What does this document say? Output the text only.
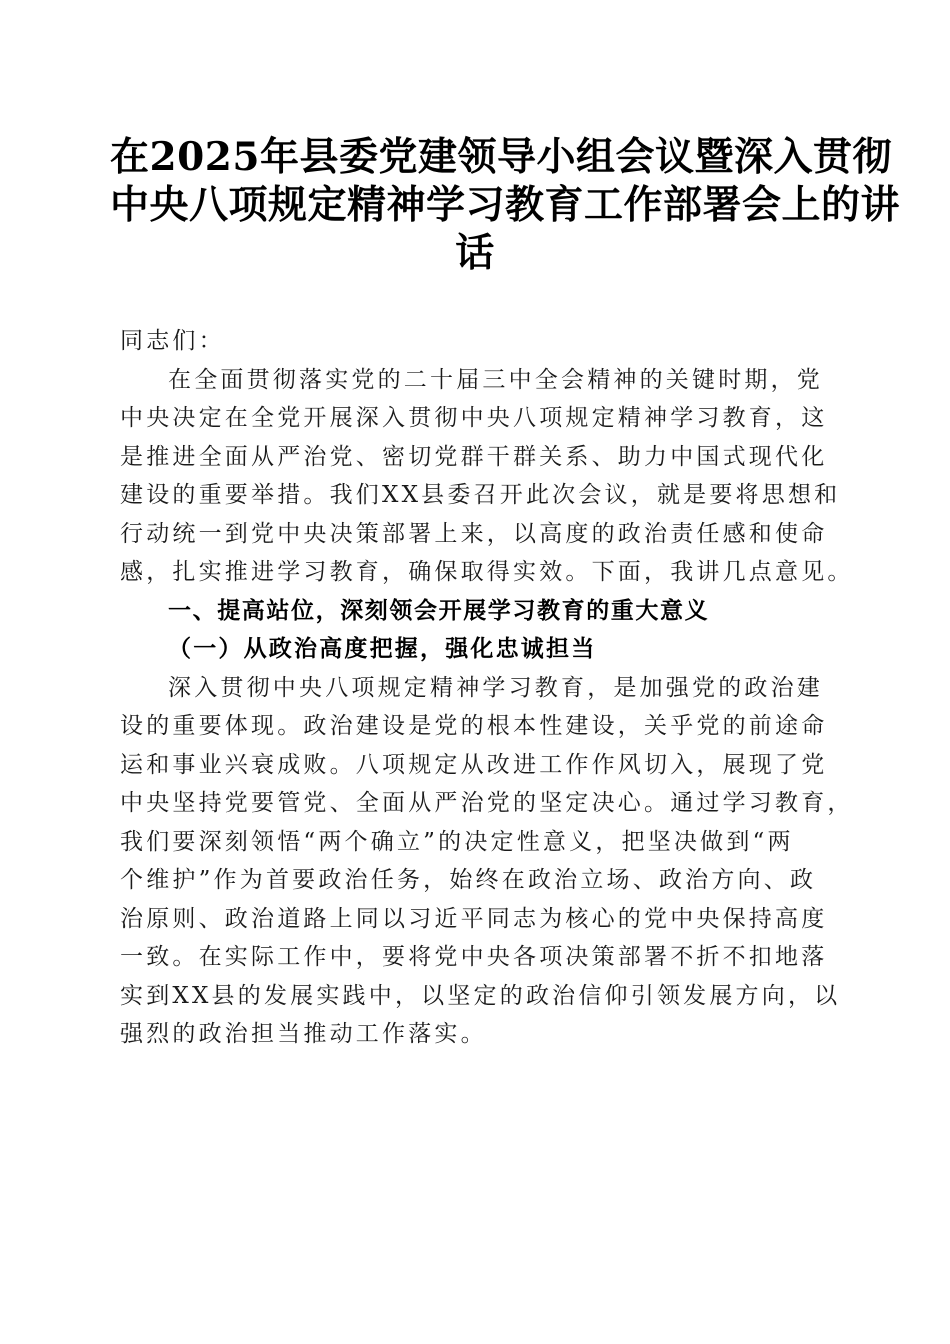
在2025年县委党建领导小组会议暨深入贯彻
中央八项规定精神学习教育工作部署会上的讲
话
同志们：
在全面贯彻落实党的二十届三中全会精神的关键时期，党
中央决定在全党开展深入贯彻中央八项规定精神学习教育，这
是推进全面从严治党、密切党群干群关系、助力中国式现代化
建设的重要举措。我们XX县委召开此次会议，就是要将思想和
行动统一到党中央决策部署上来，以高度的政治责任感和使命
感，扎实推进学习教育，确保取得实效。下面，我讲几点意见。
一、提高站位，深刻领会开展学习教育的重大意义
（一）从政治高度把握，强化忠诚担当
深入贯彻中央八项规定精神学习教育，是加强党的政治建
设的重要体现。政治建设是党的根本性建设，关乎党的前途命
运和事业兴衰成败。八项规定从改进工作作风切入，展现了党
中央坚持党要管党、全面从严治党的坚定决心。通过学习教育，
我们要深刻领悟“两个确立”的决定性意义，把坚决做到“两
个维护”作为首要政治任务，始终在政治立场、政治方向、政
治原则、政治道路上同以习近平同志为核心的党中央保持高度
一致。在实际工作中，要将党中央各项决策部署不折不扣地落
实到XX县的发展实践中，以坚定的政治信仰引领发展方向，以
强烈的政治担当推动工作落实。
